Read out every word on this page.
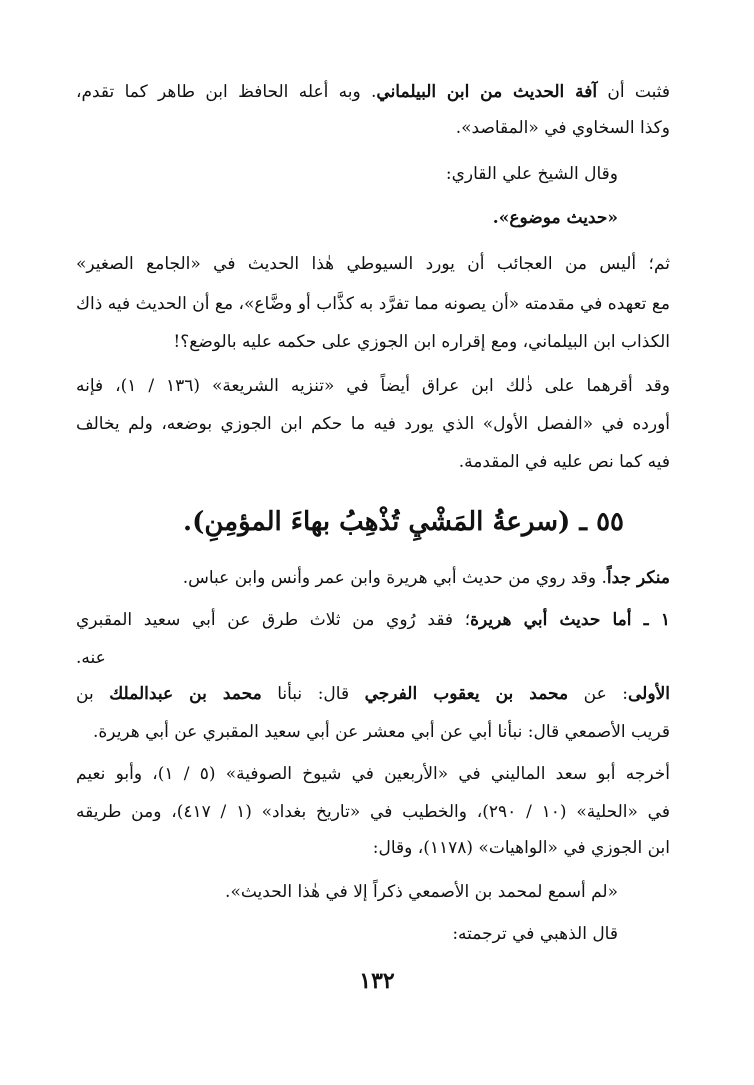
فثبت أن آفة الحديث من ابن البيلماني. وبه أعله الحافظ ابن طاهر كما تقدم،
وكذا السخاوي في «المقاصد».
وقال الشيخ علي القاري:
«حديث موضوع».
ثم؛ أليس من العجائب أن يورد السيوطي هٰذا الحديث في «الجامع الصغير»
مع تعهده في مقدمته «أن يصونه مما تفرَّد به كذَّاب أو وضَّاع»، مع أن الحديث فيه ذاك
الكذاب ابن البيلماني، ومع إقراره ابن الجوزي على حكمه عليه بالوضع؟!
وقد أقرهما على ذٰلك ابن عراق أيضاً في «تنزيه الشريعة» (١٣٦ / ١)، فإنه
أورده في «الفصل الأول» الذي يورد فيه ما حكم ابن الجوزي بوضعه، ولم يخالف
فيه كما نص عليه في المقدمة.
٥٥ ـ (سرعةُ المَشْيِ تُذْهِبُ بهاءَ المؤمِنِ).
منكر جداً. وقد روي من حديث أبي هريرة وابن عمر وأنس وابن عباس.
١ ـ أما حديث أبي هريرة؛ فقد رُوي من ثلاث طرق عن أبي سعيد المقبري
عنه.
الأولى: عن محمد بن يعقوب الفرجي قال: نبأنا محمد بن عبدالملك بن
قريب الأصمعي قال: نبأنا أبي عن أبي معشر عن أبي سعيد المقبري عن أبي هريرة.
أخرجه أبو سعد الماليني في «الأربعين في شيوخ الصوفية» (٥ / ١)، وأبو نعيم
في «الحلية» (١٠ / ٢٩٠)، والخطيب في «تاريخ بغداد» (١ / ٤١٧)، ومن طريقه
ابن الجوزي في «الواهيات» (١١٧٨)، وقال:
«لم أسمع لمحمد بن الأصمعي ذكراً إلا في هٰذا الحديث».
قال الذهبي في ترجمته:
١٣٢
